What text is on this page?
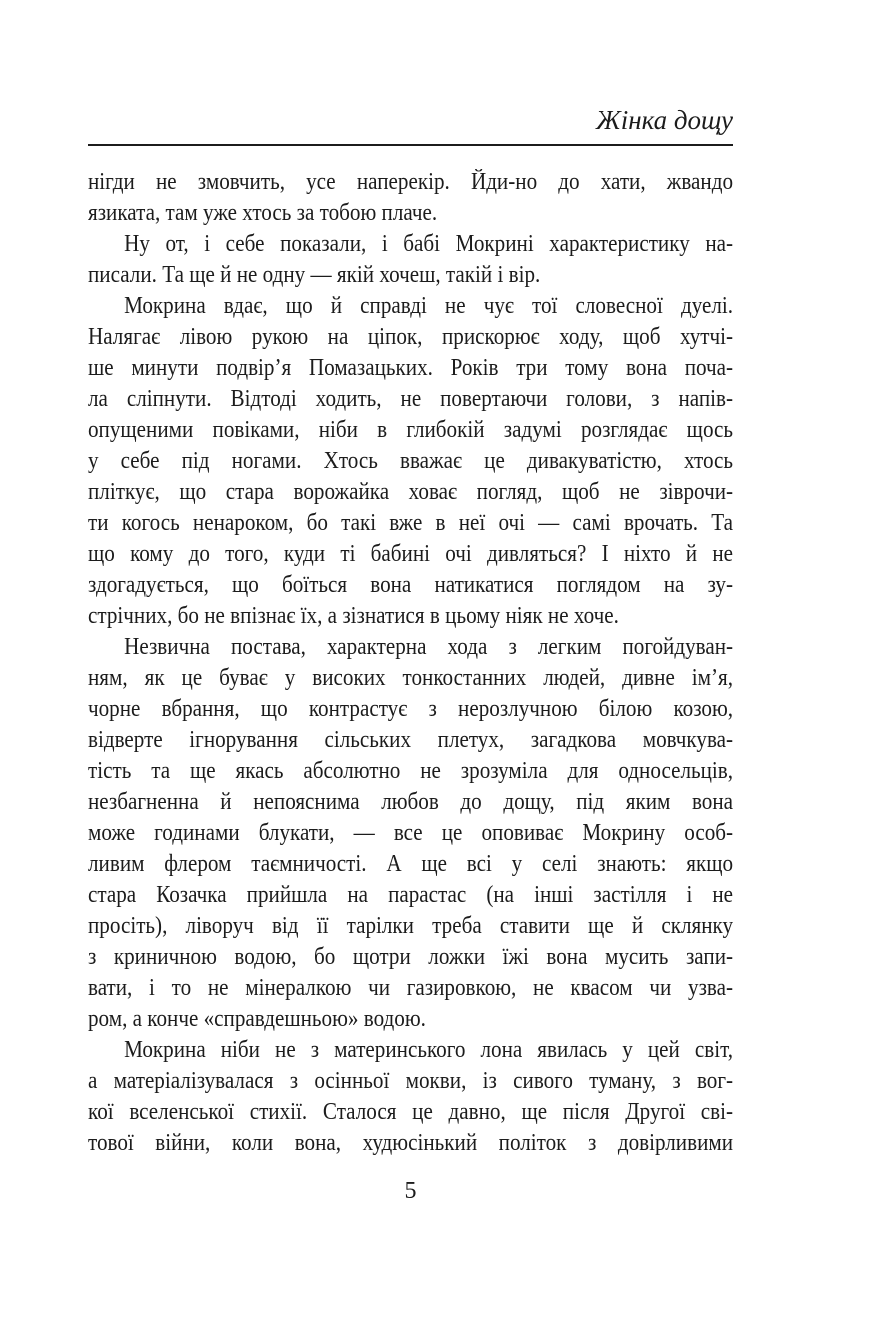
Жінка дощу
нігди не змовчить, усе наперекір. Йди-но до хати, жвандо
язиката, там уже хтось за тобою плаче.
Ну от, і себе показали, і бабі Мокрині характеристику на-
писали. Та ще й не одну — якій хочеш, такій і вір.
Мокрина вдає, що й справді не чує тої словесної дуелі.
Налягає лівою рукою на ціпок, прискорює ходу, щоб хутчі-
ше минути подвір’я Помазацьких. Років три тому вона поча-
ла сліпнути. Відтоді ходить, не повертаючи голови, з напів-
опущеними повіками, ніби в глибокій задумі розглядає щось
у себе під ногами. Хтось вважає це дивакуватістю, хтось
пліткує, що стара ворожайка ховає погляд, щоб не зіврочи-
ти когось ненароком, бо такі вже в неї очі — самі врочать. Та
що кому до того, куди ті бабині очі дивляться? І ніхто й не
здогадується, що боїться вона натикатися поглядом на зу-
стрічних, бо не впізнає їх, а зізнатися в цьому ніяк не хоче.
Незвична постава, характерна хода з легким погойдуван-
ням, як це буває у високих тонкостанних людей, дивне ім’я,
чорне вбрання, що контрастує з нерозлучною білою козою,
відверте ігнорування сільських плетух, загадкова мовчкува-
тість та ще якась абсолютно не зрозуміла для односельців,
незбагненна й непояснима любов до дощу, під яким вона
може годинами блукати, — все це оповиває Мокрину особ-
ливим флером таємничості. А ще всі у селі знають: якщо
стара Козачка прийшла на парастас (на інші застілля і не
просіть), ліворуч від її тарілки треба ставити ще й склянку
з криничною водою, бо щотри ложки їжі вона мусить запи-
вати, і то не мінералкою чи газировкою, не квасом чи узва-
ром, а конче «справдешньою» водою.
Мокрина ніби не з материнського лона явилась у цей світ,
а матеріалізувалася з осінньої мокви, із сивого туману, з вог-
кої вселенської стихії. Сталося це давно, ще після Другої сві-
тової війни, коли вона, худюсінький політок з довірливими
5
